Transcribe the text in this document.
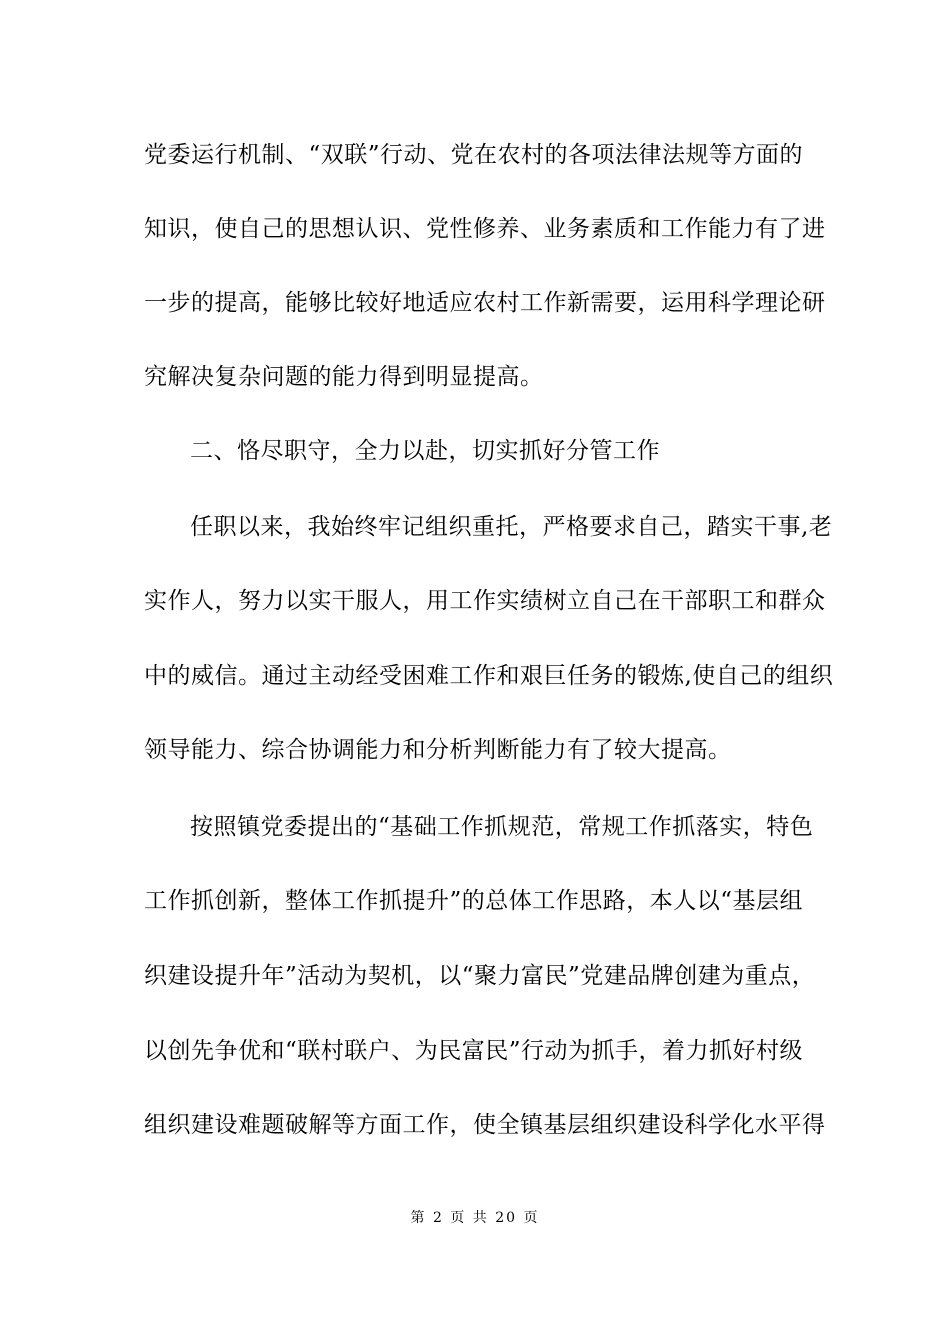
党委运行机制、“双联”行动、党在农村的各项法律法规等方面的
知识，使自己的思想认识、党性修养、业务素质和工作能力有了进
一步的提高，能够比较好地适应农村工作新需要，运用科学理论研
究解决复杂问题的能力得到明显提高。
二、恪尽职守，全力以赴，切实抓好分管工作
任职以来，我始终牢记组织重托，严格要求自己，踏实干事,老
实作人，努力以实干服人，用工作实绩树立自己在干部职工和群众
中的威信。通过主动经受困难工作和艰巨任务的锻炼,使自己的组织
领导能力、综合协调能力和分析判断能力有了较大提高。
按照镇党委提出的“基础工作抓规范，常规工作抓落实，特色
工作抓创新，整体工作抓提升”的总体工作思路，本人以“基层组
织建设提升年”活动为契机，以“聚力富民”党建品牌创建为重点，
以创先争优和“联村联户、为民富民”行动为抓手，着力抓好村级
组织建设难题破解等方面工作，使全镇基层组织建设科学化水平得
第 2 页 共 20 页
